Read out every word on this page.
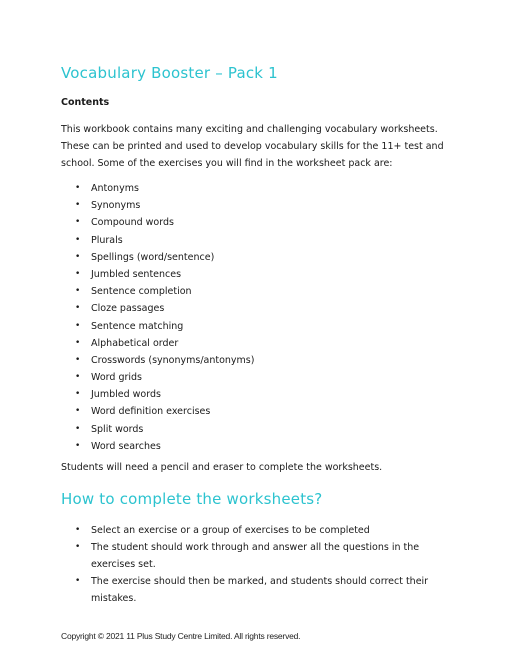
Vocabulary Booster – Pack 1
Contents
This workbook contains many exciting and challenging vocabulary worksheets.
These can be printed and used to develop vocabulary skills for the 11+ test and
school. Some of the exercises you will find in the worksheet pack are:
• Antonyms
• Synonyms
• Compound words
• Plurals
• Spellings (word/sentence)
• Jumbled sentences
• Sentence completion
• Cloze passages
• Sentence matching
• Alphabetical order
• Crosswords (synonyms/antonyms)
• Word grids
• Jumbled words
• Word definition exercises
• Split words
• Word searches
Students will need a pencil and eraser to complete the worksheets.
How to complete the worksheets?
• Select an exercise or a group of exercises to be completed
• The student should work through and answer all the questions in the
exercises set.
• The exercise should then be marked, and students should correct their
mistakes.
Copyright © 2021 11 Plus Study Centre Limited. All rights reserved.
